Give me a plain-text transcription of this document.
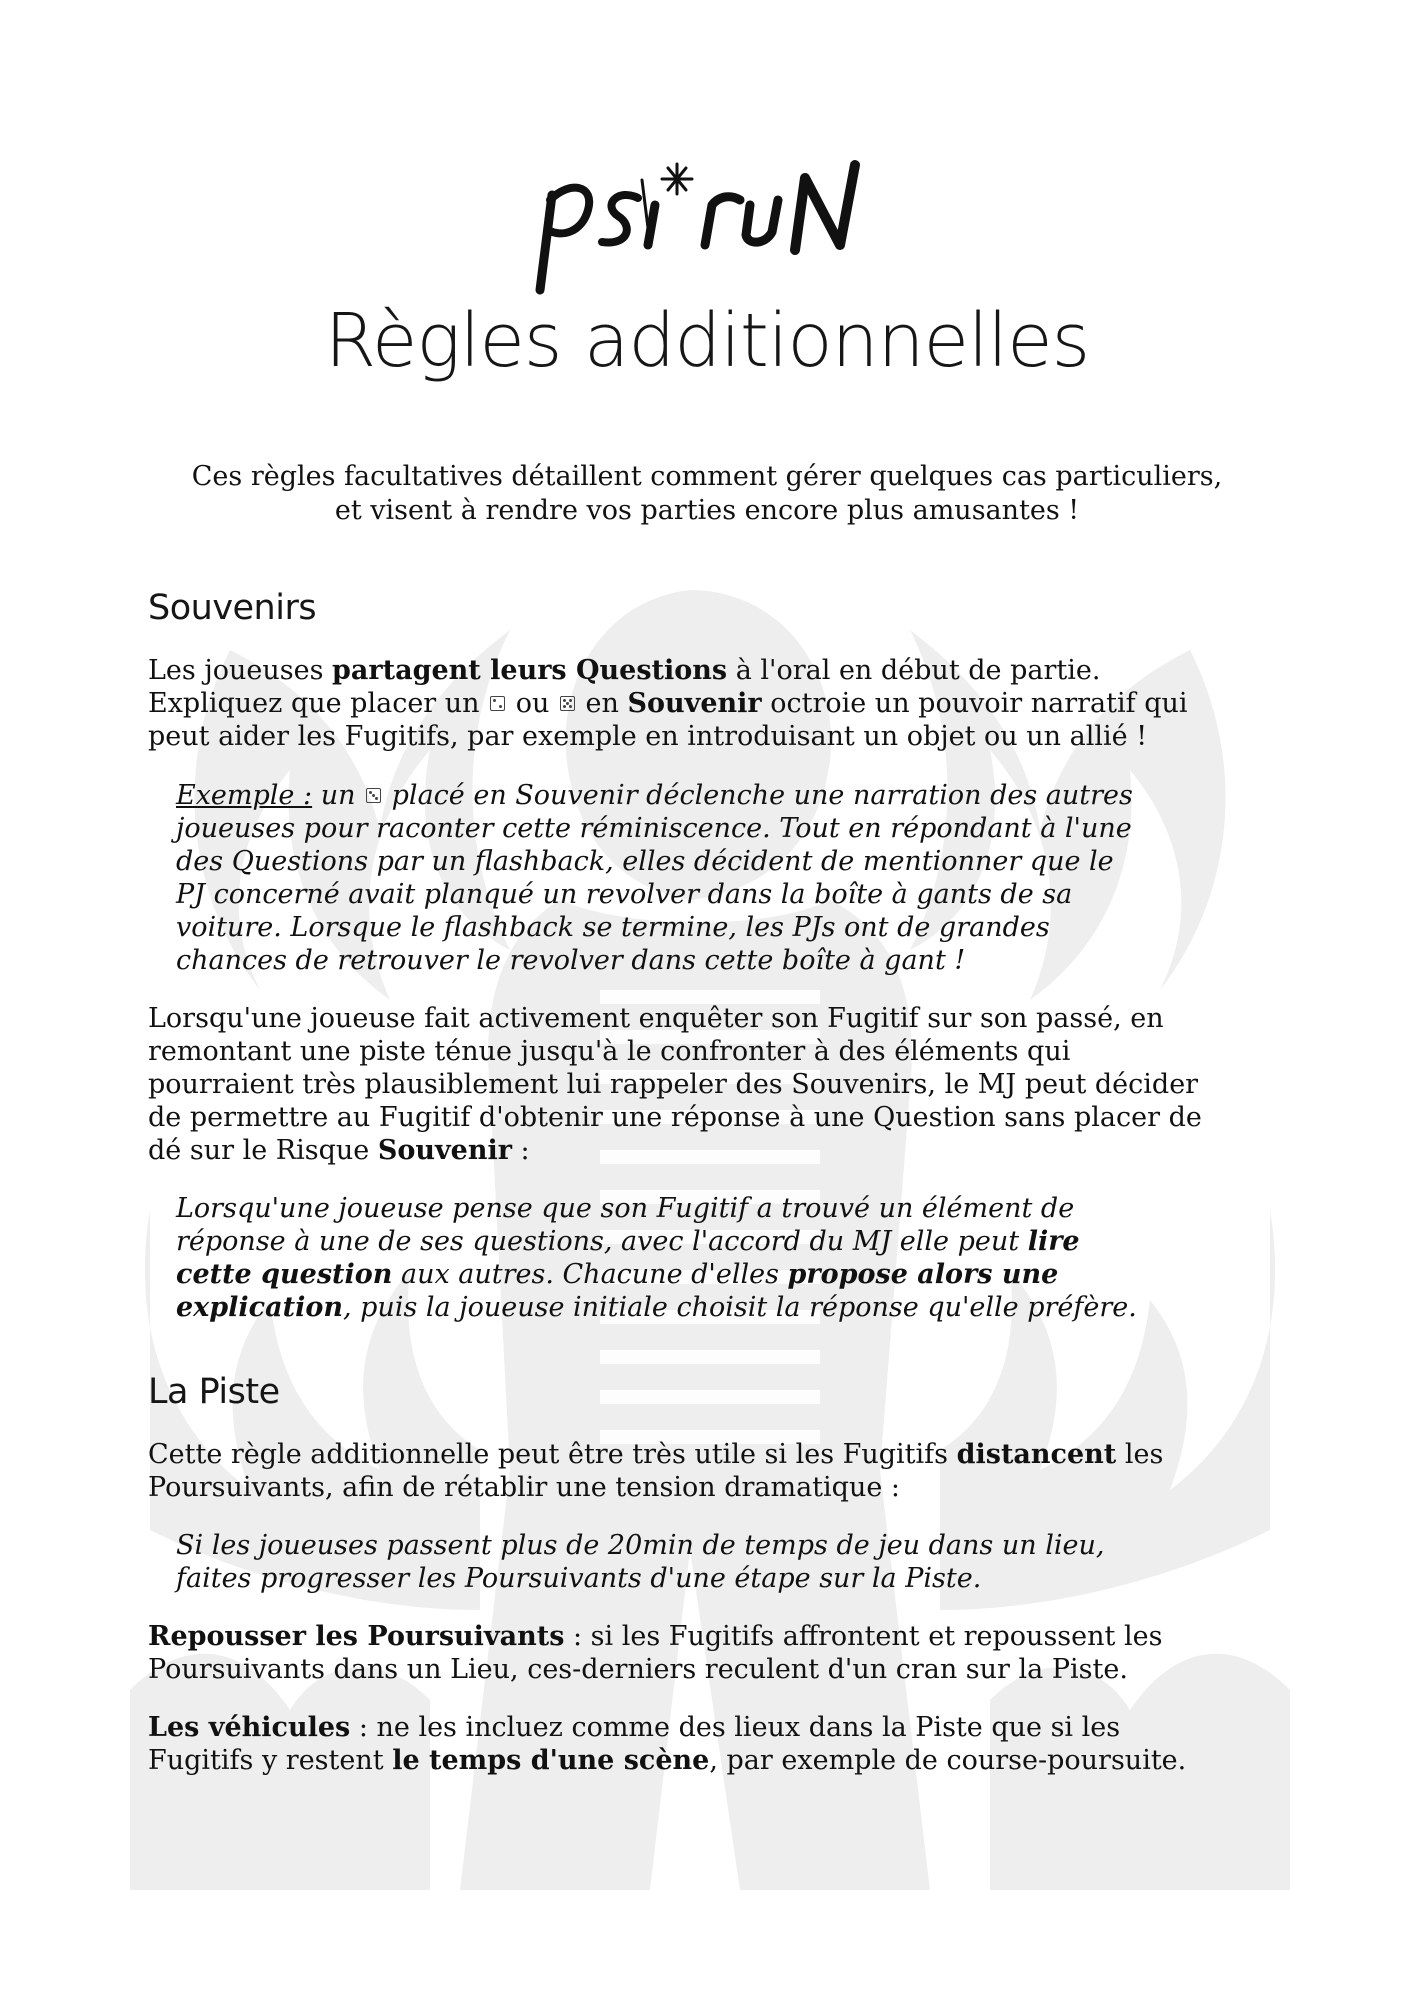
Règles additionnelles

Ces règles facultatives détaillent comment gérer quelques cas particuliers,

et visent à rendre vos parties encore plus amusantes !

Souvenirs
Les joueuses partagent leurs Questions à l'oral en début de partie.
Expliquez que placer un
ou
en Souvenir octroie un pouvoir narratif qui
peut aider les Fugitifs, par exemple en introduisant un objet ou un allié !
Exemple : un
placé en Souvenir déclenche une narration des autres
joueuses pour raconter cette réminiscence. Tout en répondant à l'une
des Questions par un flashback, elles décident de mentionner que le
PJ concerné avait planqué un revolver dans la boîte à gants de sa
voiture. Lorsque le flashback se termine, les PJs ont de grandes
chances de retrouver le revolver dans cette boîte à gant !
Lorsqu'une joueuse fait activement enquêter son Fugitif sur son passé, en
remontant une piste ténue jusqu'à le confronter à des éléments qui
pourraient très plausiblement lui rappeler des Souvenirs, le MJ peut décider
de permettre au Fugitif d'obtenir une réponse à une Question sans placer de
dé sur le Risque Souvenir :
Lorsqu'une joueuse pense que son Fugitif a trouvé un élément de
réponse à une de ses questions, avec l'accord du MJ elle peut lire
cette question aux autres. Chacune d'elles propose alors une
explication, puis la joueuse initiale choisit la réponse qu'elle préfère.
La Piste
Cette règle additionnelle peut être très utile si les Fugitifs distancent les
Poursuivants, afin de rétablir une tension dramatique :
Si les joueuses passent plus de 20min de temps de jeu dans un lieu,
faites progresser les Poursuivants d'une étape sur la Piste.
Repousser les Poursuivants : si les Fugitifs affrontent et repoussent les
Poursuivants dans un Lieu, ces-derniers reculent d'un cran sur la Piste.
Les véhicules : ne les incluez comme des lieux dans la Piste que si les
Fugitifs y restent le temps d'une scène, par exemple de course-poursuite.
